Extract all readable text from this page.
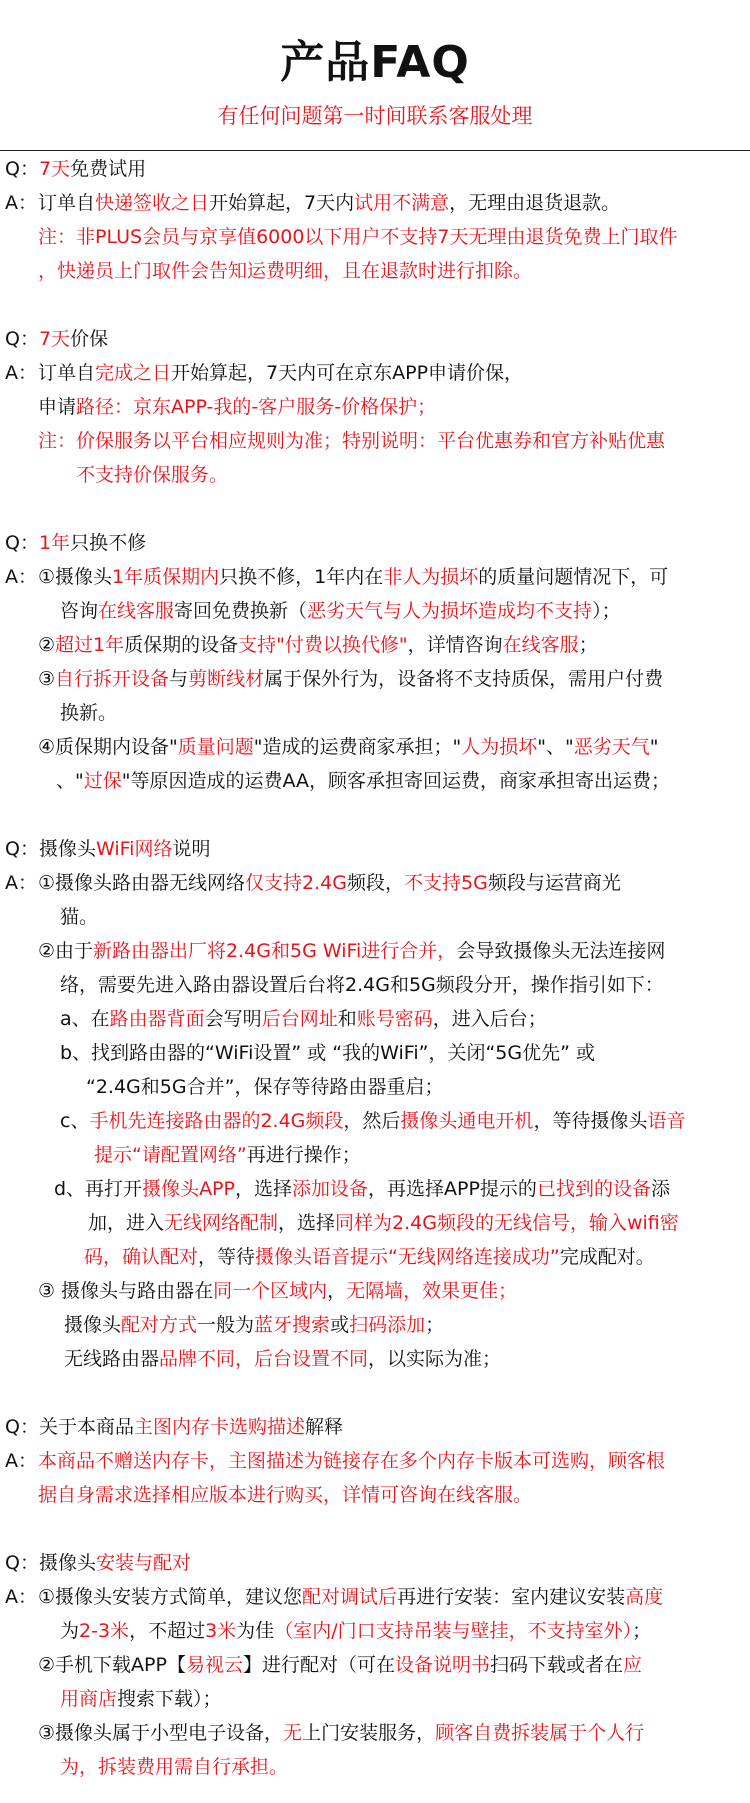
产品FAQ
有任何问题第一时间联系客服处理
Q：7天免费试用
A： 订单自快递签收之日开始算起，7天内试用不满意，无理由退货退款。
注：非PLUS会员与京享值6000以下用户不支持7天无理由退货免费上门取件
，快递员上门取件会告知运费明细，且在退款时进行扣除。
Q：7天价保
A： 订单自完成之日开始算起，7天内可在京东APP申请价保，
申请路径：京东APP-我的-客户服务-价格保护；
注：价保服务以平台相应规则为准；特别说明：平台优惠券和官方补贴优惠
不支持价保服务。
Q：1年只换不修
A： ①摄像头1年质保期内只换不修，1年内在非人为损坏的质量问题情况下，可
咨询在线客服寄回免费换新（恶劣天气与人为损坏造成均不支持）；
②超过1年质保期的设备支持"付费以换代修"，详情咨询在线客服；
③自行拆开设备与剪断线材属于保外行为，设备将不支持质保，需用户付费
换新。
④质保期内设备"质量问题"造成的运费商家承担；"人为损坏"、"恶劣天气"
、"过保"等原因造成的运费AA，顾客承担寄回运费，商家承担寄出运费；
Q：摄像头WiFi网络说明
A： ①摄像头路由器无线网络仅支持2.4G频段，不支持5G频段与运营商光
猫。
②由于新路由器出厂将2.4G和5G WiFi进行合并，会导致摄像头无法连接网
络，需要先进入路由器设置后台将2.4G和5G频段分开，操作指引如下：
a、在路由器背面会写明后台网址和账号密码，进入后台；
b、找到路由器的“WiFi设置” 或 “我的WiFi”，关闭“5G优先” 或
“2.4G和5G合并”，保存等待路由器重启；
c、手机先连接路由器的2.4G频段，然后摄像头通电开机，等待摄像头语音
提示“请配置网络”再进行操作；
d、再打开摄像头APP，选择添加设备，再选择APP提示的已找到的设备添
加，进入无线网络配制，选择同样为2.4G频段的无线信号，输入wifi密
码，确认配对，等待摄像头语音提示“无线网络连接成功”完成配对。
③ 摄像头与路由器在同一个区域内，无隔墙，效果更佳；
摄像头配对方式一般为蓝牙搜索或扫码添加；
无线路由器品牌不同，后台设置不同，以实际为准；
Q：关于本商品主图内存卡选购描述解释
A： 本商品不赠送内存卡，主图描述为链接存在多个内存卡版本可选购，顾客根
据自身需求选择相应版本进行购买，详情可咨询在线客服。
Q：摄像头安装与配对
A： ①摄像头安装方式简单，建议您配对调试后再进行安装：室内建议安装高度
为2-3米，不超过3米为佳（室内/门口支持吊装与壁挂，不支持室外）；
②手机下载APP【易视云】进行配对（可在设备说明书扫码下载或者在应
用商店搜索下载）；
③摄像头属于小型电子设备，无上门安装服务，顾客自费拆装属于个人行
为，拆装费用需自行承担。
